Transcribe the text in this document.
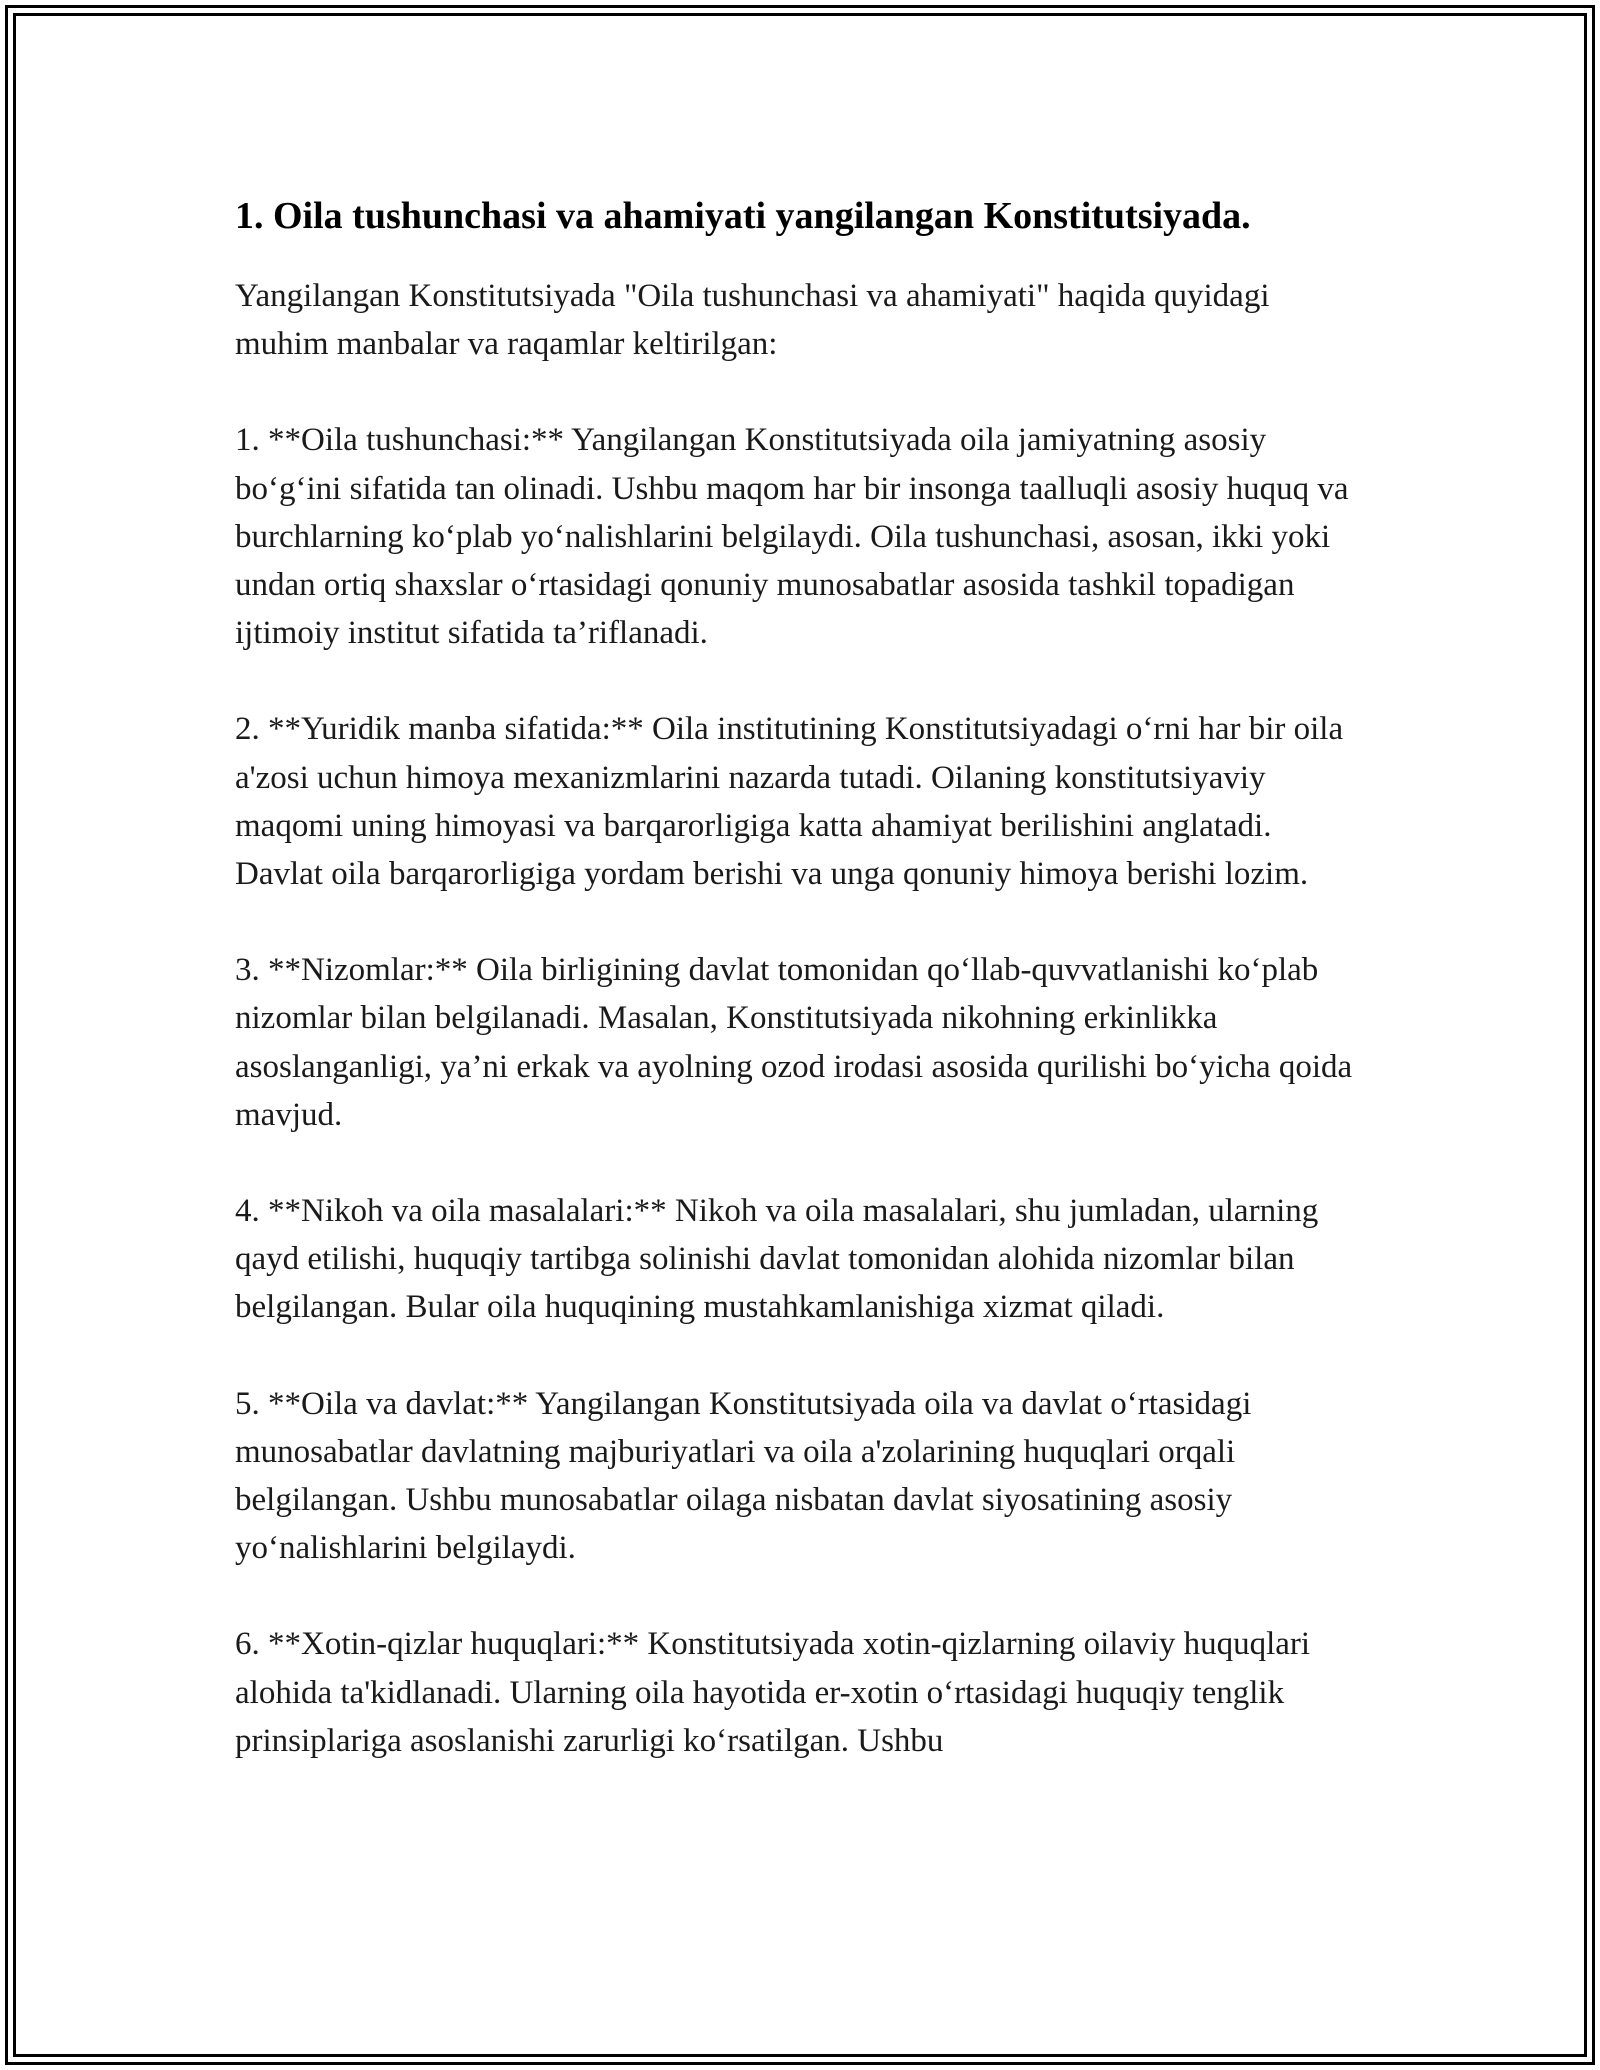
1. Oila tushunchasi va ahamiyati yangilangan Konstitutsiyada.

Yangilangan Konstitutsiyada "Oila tushunchasi va ahamiyati" haqida quyidagi muhim manbalar va raqamlar keltirilgan:

1. **Oila tushunchasi:** Yangilangan Konstitutsiyada oila jamiyatning asosiy bo‘g‘ini sifatida tan olinadi. Ushbu maqom har bir insonga taalluqli asosiy huquq va burchlarning ko‘plab yo‘nalishlarini belgilaydi. Oila tushunchasi, asosan, ikki yoki undan ortiq shaxslar o‘rtasidagi qonuniy munosabatlar asosida tashkil topadigan ijtimoiy institut sifatida ta’riflanadi.

2. **Yuridik manba sifatida:** Oila institutining Konstitutsiyadagi o‘rni har bir oila a'zosi uchun himoya mexanizmlarini nazarda tutadi. Oilaning konstitutsiyaviy maqomi uning himoyasi va barqarorligiga katta ahamiyat berilishini anglatadi. Davlat oila barqarorligiga yordam berishi va unga qonuniy himoya berishi lozim.

3. **Nizomlar:** Oila birligining davlat tomonidan qo‘llab-quvvatlanishi ko‘plab nizomlar bilan belgilanadi. Masalan, Konstitutsiyada nikohning erkinlikka asoslanganligi, ya’ni erkak va ayolning ozod irodasi asosida qurilishi bo‘yicha qoida mavjud.

4. **Nikoh va oila masalalari:** Nikoh va oila masalalari, shu jumladan, ularning qayd etilishi, huquqiy tartibga solinishi davlat tomonidan alohida nizomlar bilan belgilangan. Bular oila huquqining mustahkamlanishiga xizmat qiladi.

5. **Oila va davlat:** Yangilangan Konstitutsiyada oila va davlat o‘rtasidagi munosabatlar davlatning majburiyatlari va oila a'zolarining huquqlari orqali belgilangan. Ushbu munosabatlar oilaga nisbatan davlat siyosatining asosiy yo‘nalishlarini belgilaydi.

6. **Xotin-qizlar huquqlari:** Konstitutsiyada xotin-qizlarning oilaviy huquqlari alohida ta'kidlanadi. Ularning oila hayotida er-xotin o‘rtasidagi huquqiy tenglik prinsiplariga asoslanishi zarurligi ko‘rsatilgan. Ushbu
